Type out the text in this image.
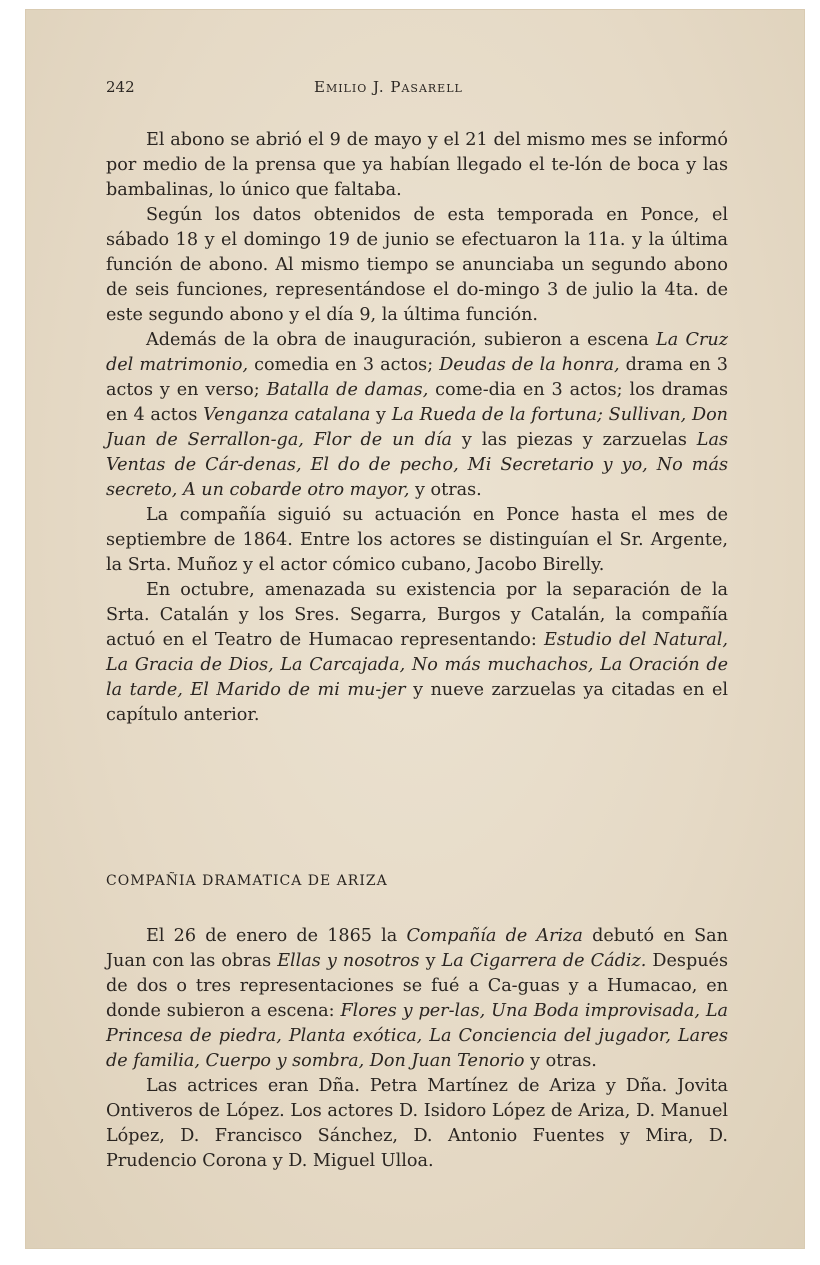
242	Emilio J. Pasarell

El abono se abrió el 9 de mayo y el 21 del mismo mes se informó por medio de la prensa que ya habían llegado el te-lón de boca y las bambalinas, lo único que faltaba.

Según los datos obtenidos de esta temporada en Ponce, el sábado 18 y el domingo 19 de junio se efectuaron la 11a. y la última función de abono. Al mismo tiempo se anunciaba un segundo abono de seis funciones, representándose el do-mingo 3 de julio la 4ta. de este segundo abono y el día 9, la última función.

Además de la obra de inauguración, subieron a escena La Cruz del matrimonio, comedia en 3 actos; Deudas de la honra, drama en 3 actos y en verso; Batalla de damas, come-dia en 3 actos; los dramas en 4 actos Venganza catalana y La Rueda de la fortuna; Sullivan, Don Juan de Serrallon-ga, Flor de un día y las piezas y zarzuelas Las Ventas de Cár-denas, El do de pecho, Mi Secretario y yo, No más secreto, A un cobarde otro mayor, y otras.

La compañía siguió su actuación en Ponce hasta el mes de septiembre de 1864. Entre los actores se distinguían el Sr. Argente, la Srta. Muñoz y el actor cómico cubano, Jacobo Birelly.

En octubre, amenazada su existencia por la separación de la Srta. Catalán y los Sres. Segarra, Burgos y Catalán, la compañía actuó en el Teatro de Humacao representando: Estudio del Natural, La Gracia de Dios, La Carcajada, No más muchachos, La Oración de la tarde, El Marido de mi mu-jer y nueve zarzuelas ya citadas en el capítulo anterior.

COMPAÑIA DRAMATICA DE ARIZA

El 26 de enero de 1865 la Compañía de Ariza debutó en San Juan con las obras Ellas y nosotros y La Cigarrera de Cádiz. Después de dos o tres representaciones se fué a Ca-guas y a Humacao, en donde subieron a escena: Flores y per-las, Una Boda improvisada, La Princesa de piedra, Planta exótica, La Conciencia del jugador, Lares de familia, Cuerpo y sombra, Don Juan Tenorio y otras.

Las actrices eran Dña. Petra Martínez de Ariza y Dña. Jovita Ontiveros de López. Los actores D. Isidoro López de Ariza, D. Manuel López, D. Francisco Sánchez, D. Antonio Fuentes y Mira, D. Prudencio Corona y D. Miguel Ulloa.
